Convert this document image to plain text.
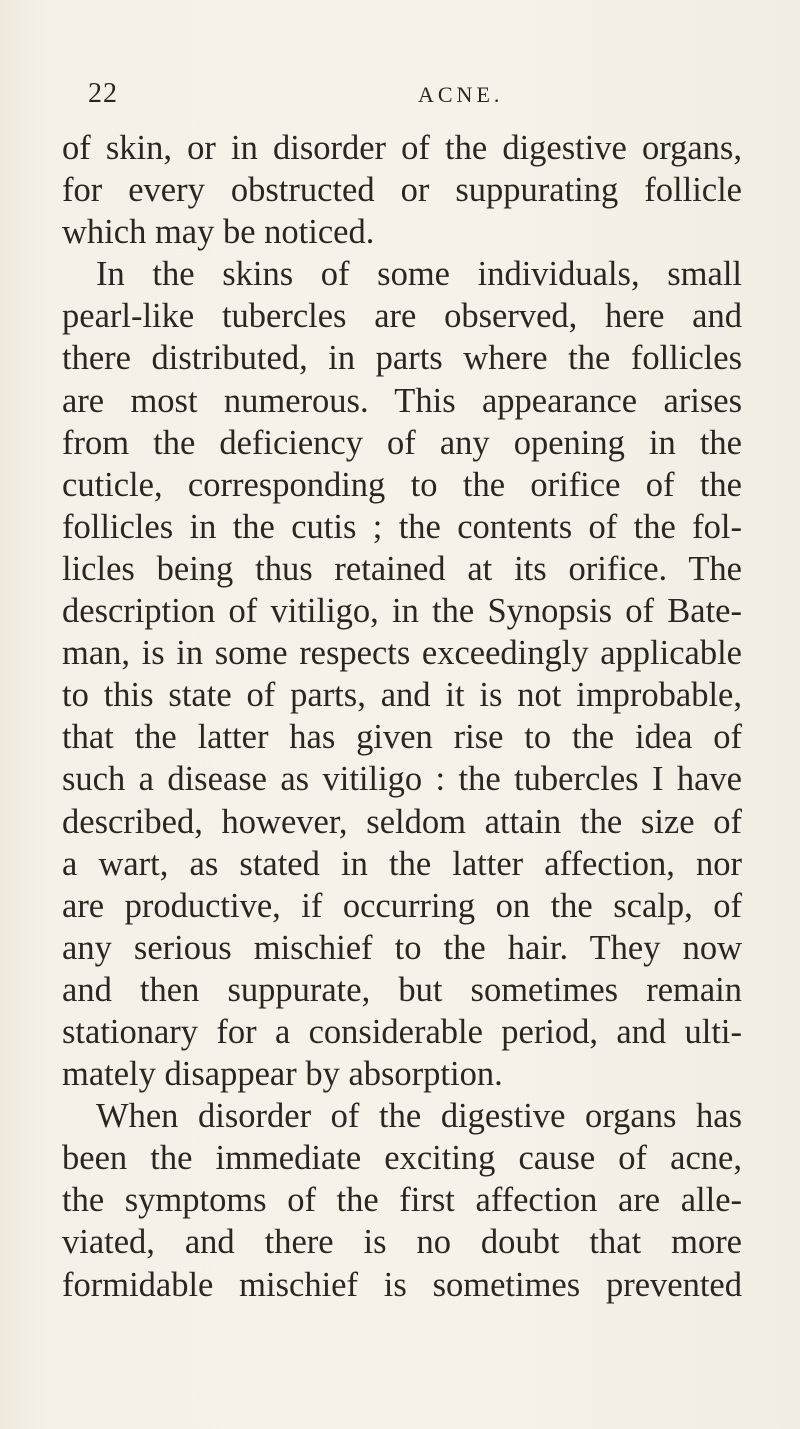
22	ACNE.
of skin, or in disorder of the digestive organs,
for every obstructed or suppurating follicle
which may be noticed.
In the skins of some individuals, small
pearl-like tubercles are observed, here and
there distributed, in parts where the follicles
are most numerous. This appearance arises
from the deficiency of any opening in the
cuticle, corresponding to the orifice of the
follicles in the cutis ; the contents of the fol-
licles being thus retained at its orifice. The
description of vitiligo, in the Synopsis of Bate-
man, is in some respects exceedingly applicable
to this state of parts, and it is not improbable,
that the latter has given rise to the idea of
such a disease as vitiligo : the tubercles I have
described, however, seldom attain the size of
a wart, as stated in the latter affection, nor
are productive, if occurring on the scalp, of
any serious mischief to the hair. They now
and then suppurate, but sometimes remain
stationary for a considerable period, and ulti-
mately disappear by absorption.
When disorder of the digestive organs has
been the immediate exciting cause of acne,
the symptoms of the first affection are alle-
viated, and there is no doubt that more
formidable mischief is sometimes prevented
